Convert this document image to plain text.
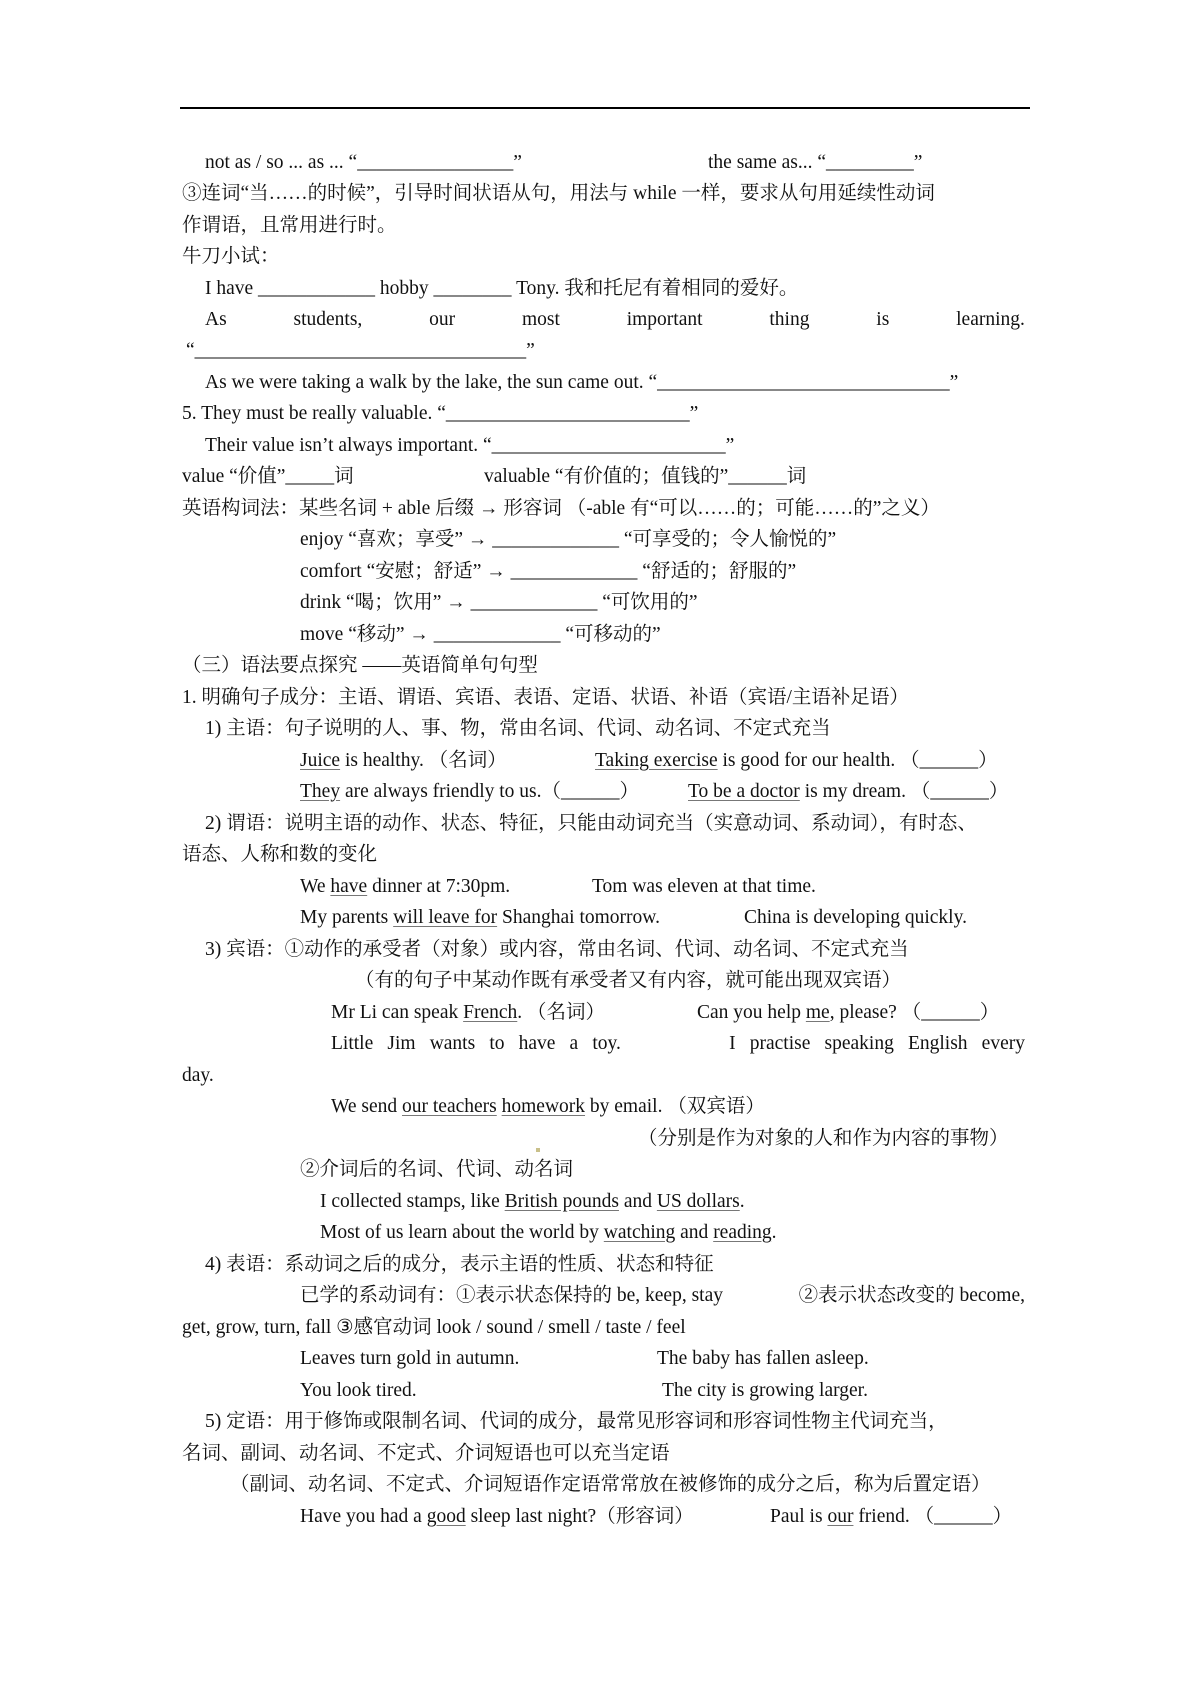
not as / so ... as ... “________________”	the same as... “_________”
③连词“当……的时候”，引导时间状语从句，用法与 while 一样，要求从句用延续性动词
作谓语，且常用进行时。
牛刀小试：
I have ____________ hobby ________ Tony. 我和托尼有着相同的爱好。
As	students,	our	most	important	thing	is	learning.
“__________________________________”
As we were taking a walk by the lake, the sun came out. “______________________________”
5. They must be really valuable. “_________________________”
Their value isn’t always important. “________________________”
value “价值”_____词	valuable “有价值的；值钱的”______词
英语构词法：某些名词 + able 后缀 → 形容词 （-able 有“可以……的；可能……的”之义）
enjoy “喜欢；享受” → _____________ “可享受的；令人愉悦的”
comfort “安慰；舒适” → _____________ “舒适的；舒服的”
drink “喝；饮用” → _____________ “可饮用的”
move “移动” → _____________ “可移动的”
（三）语法要点探究 ——英语简单句句型
1. 明确句子成分：主语、谓语、宾语、表语、定语、状语、补语（宾语/主语补足语）
1) 主语：句子说明的人、事、物，常由名词、代词、动名词、不定式充当
Juice is healthy. （名词）	Taking exercise is good for our health. （______）
They are always friendly to us.（______）	To be a doctor is my dream. （______）
2) 谓语：说明主语的动作、状态、特征，只能由动词充当（实意动词、系动词），有时态、
语态、人称和数的变化
We have dinner at 7:30pm.	Tom was eleven at that time.
My parents will leave for Shanghai tomorrow.	China is developing quickly.
3) 宾语：①动作的承受者（对象）或内容，常由名词、代词、动名词、不定式充当
（有的句子中某动作既有承受者又有内容，就可能出现双宾语）
Mr Li can speak French. （名词）	Can you help me, please? （______）
Little Jim wants to have a toy.	I practise speaking English every
day.
We send our teachers homework by email. （双宾语）
（分别是作为对象的人和作为内容的事物）
②介词后的名词、代词、动名词
I collected stamps, like British pounds and US dollars.
Most of us learn about the world by watching and reading.
4) 表语：系动词之后的成分，表示主语的性质、状态和特征
已学的系动词有：①表示状态保持的 be, keep, stay	②表示状态改变的 become,
get, grow, turn, fall ③感官动词 look / sound / smell / taste / feel
Leaves turn gold in autumn.	The baby has fallen asleep.
You look tired.	The city is growing larger.
5) 定语：用于修饰或限制名词、代词的成分，最常见形容词和形容词性物主代词充当，
名词、副词、动名词、不定式、介词短语也可以充当定语
（副词、动名词、不定式、介词短语作定语常常放在被修饰的成分之后，称为后置定语）
Have you had a good sleep last night?（形容词）	Paul is our friend. （______）
